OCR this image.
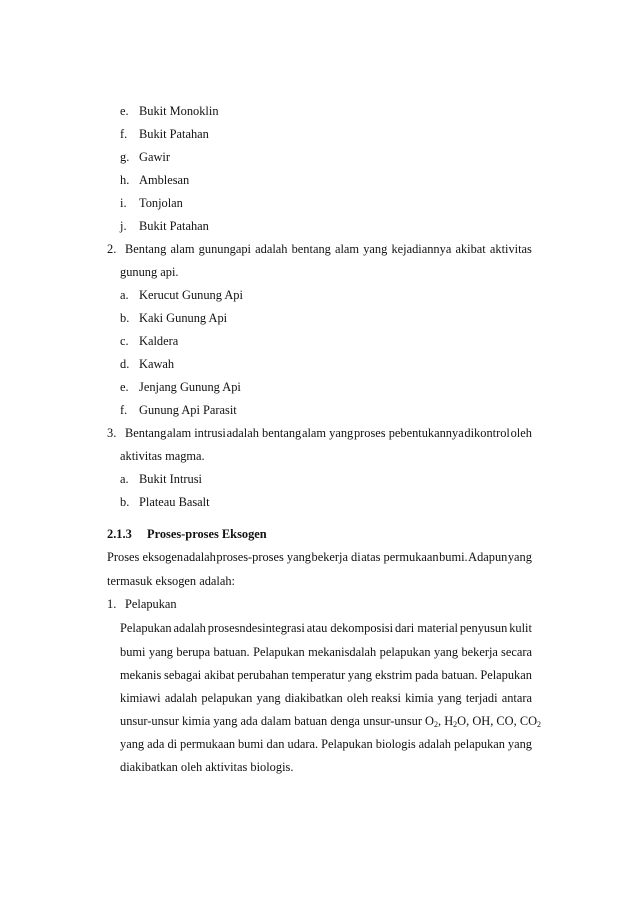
e. Bukit Monoklin
f. Bukit Patahan
g. Gawir
h. Amblesan
i. Tonjolan
j. Bukit Patahan
2. Bentang alam gunungapi adalah bentang alam yang kejadiannya akibat aktivitas
gunung api.
a. Kerucut Gunung Api
b. Kaki Gunung Api
c. Kaldera
d. Kawah
e. Jenjang Gunung Api
f. Gunung Api Parasit
3. Bentang alam intrusi adalah bentang alam yang proses pebentukannya dikontrol oleh
aktivitas magma.
a. Bukit Intrusi
b. Plateau Basalt
2.1.3 Proses-proses Eksogen
Proses eksogen adalah proses-proses yang bekerja di atas permukaan bumi. Adapun yang
termasuk eksogen adalah:
1. Pelapukan
Pelapukan adalah prosesndesintegrasi atau dekomposisi dari material penyusun kulit
bumi yang berupa batuan. Pelapukan mekanisdalah pelapukan yang bekerja secara
mekanis sebagai akibat perubahan temperatur yang ekstrim pada batuan. Pelapukan
kimiawi adalah pelapukan yang diakibatkan oleh reaksi kimia yang terjadi antara
unsur-unsur kimia yang ada dalam batuan denga unsur-unsur $O_2$, $H_2O$, OH, CO, $CO_2$
yang ada di permukaan bumi dan udara. Pelapukan biologis adalah pelapukan yang
diakibatkan oleh aktivitas biologis.
